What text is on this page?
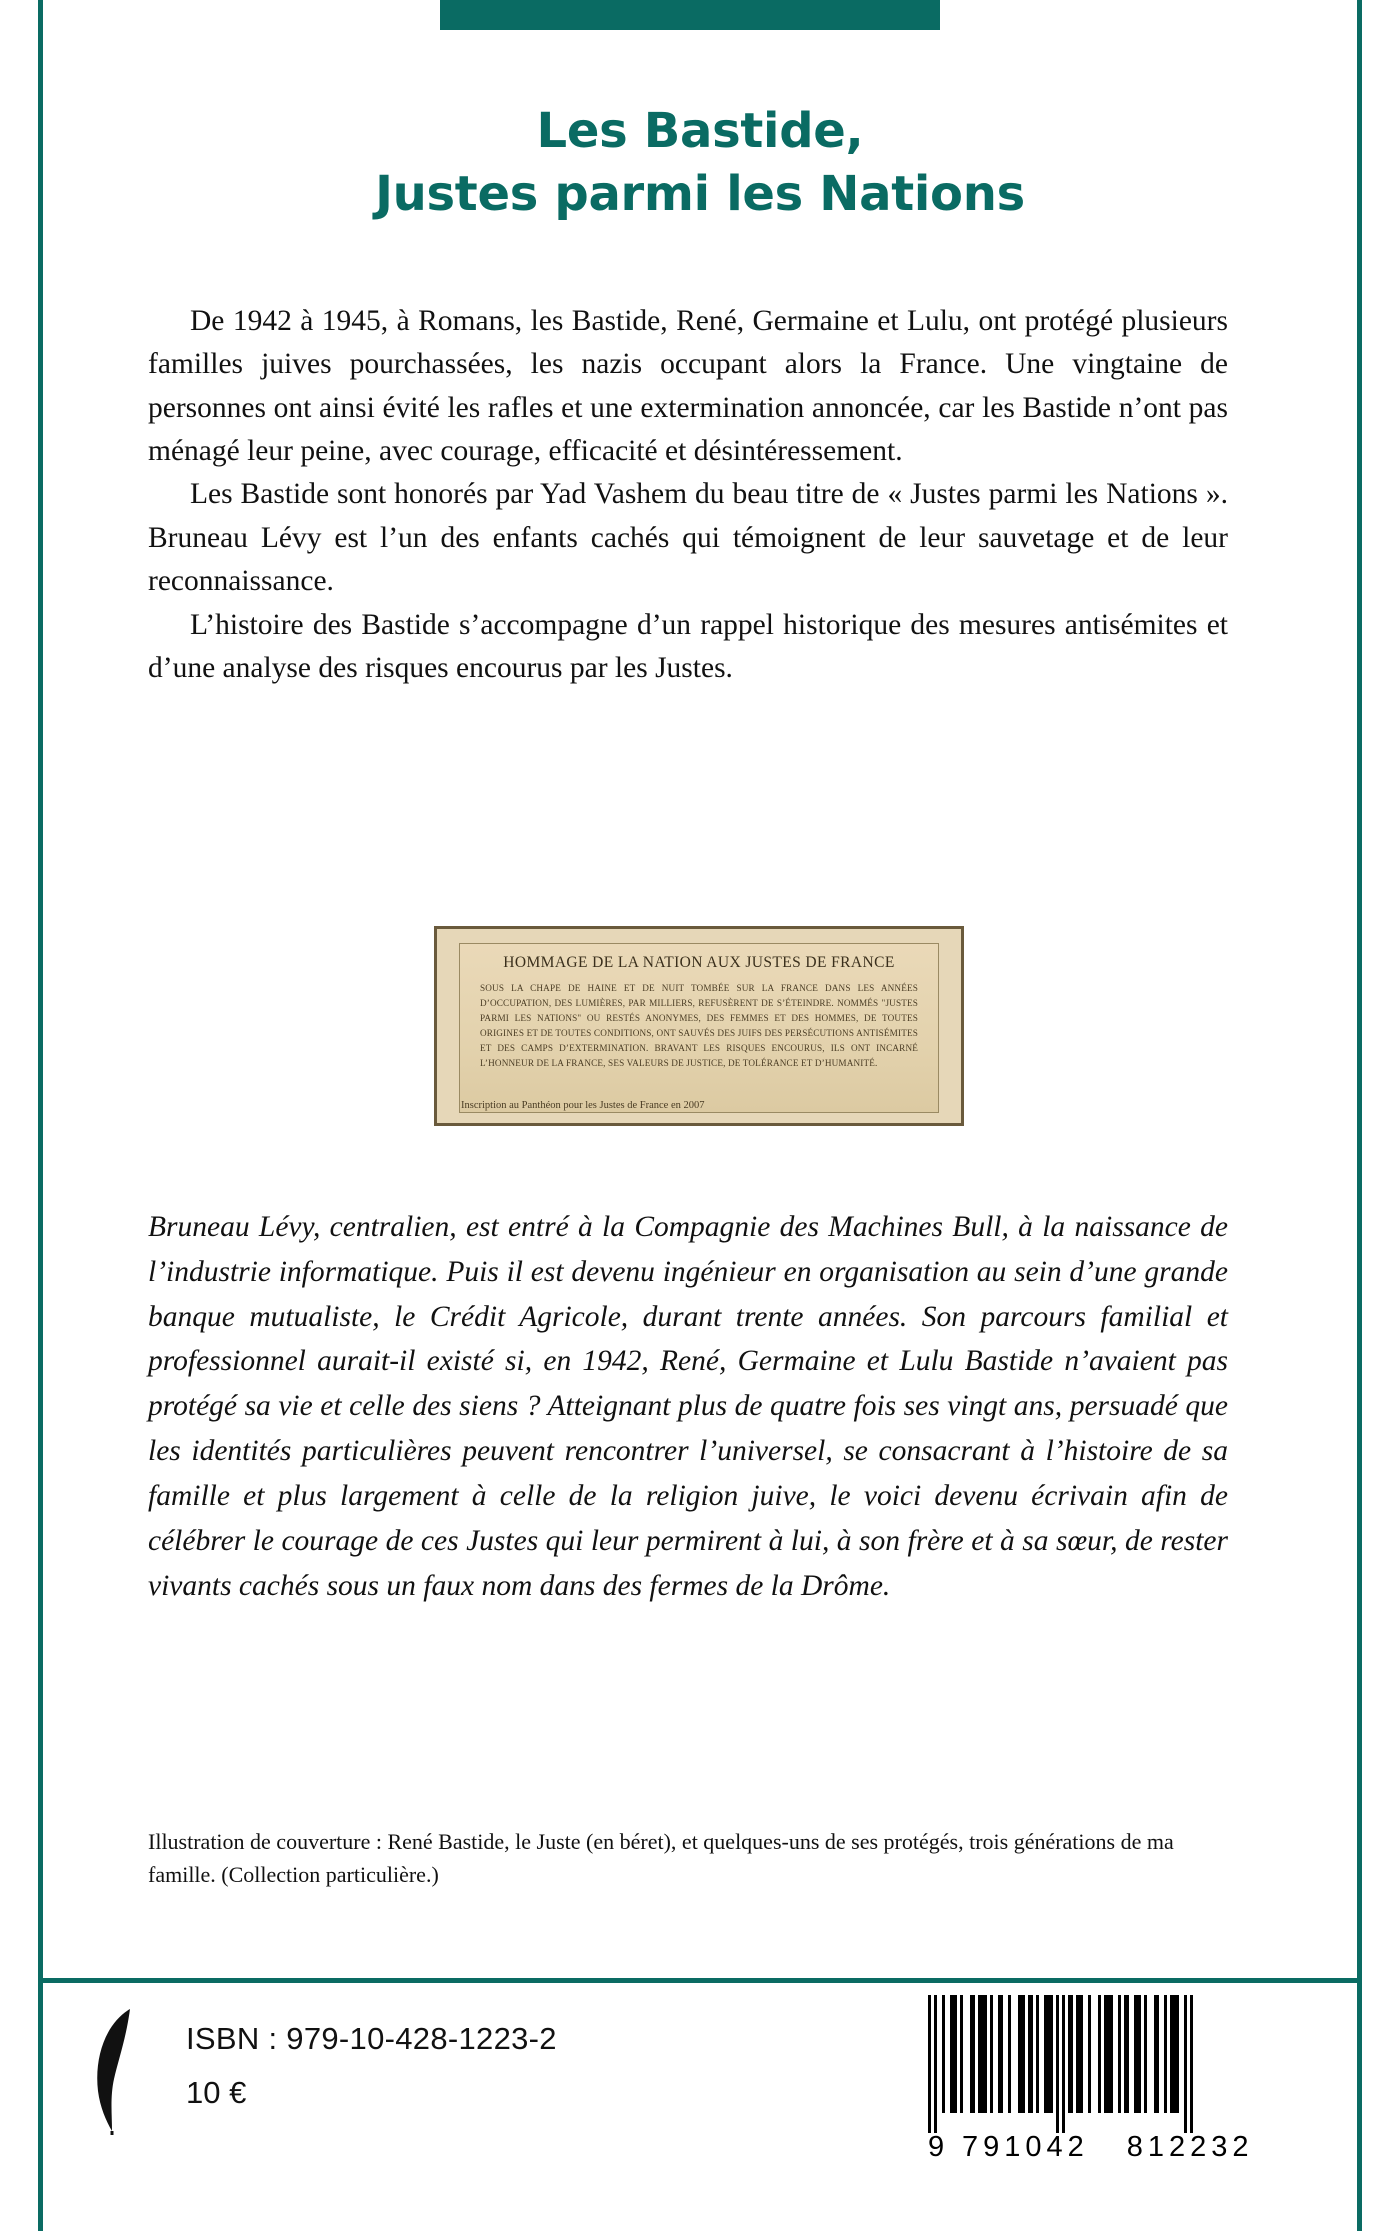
Les Bastide,
Justes parmi les Nations

De 1942 à 1945, à Romans, les Bastide, René, Germaine et Lulu, ont protégé plusieurs familles juives pourchassées, les nazis occupant alors la France. Une vingtaine de personnes ont ainsi évité les rafles et une extermination annoncée, car les Bastide n’ont pas ménagé leur peine, avec courage, efficacité et désintéressement.

Les Bastide sont honorés par Yad Vashem du beau titre de « Justes parmi les Nations ». Bruneau Lévy est l’un des enfants cachés qui témoignent de leur sauvetage et de leur reconnaissance.

L’histoire des Bastide s’accompagne d’un rappel historique des mesures antisémites et d’une analyse des risques encourus par les Justes.

HOMMAGE DE LA NATION AUX JUSTES DE FRANCE
SOUS LA CHAPE DE HAINE ET DE NUIT TOMBÉE SUR LA FRANCE DANS LES ANNÉES D’OCCUPATION, DES LUMIÈRES, PAR MILLIERS, REFUSÈRENT DE S’ÉTEINDRE. NOMMÉS "JUSTES PARMI LES NATIONS" OU RESTÉS ANONYMES, DES FEMMES ET DES HOMMES, DE TOUTES ORIGINES ET DE TOUTES CONDITIONS, ONT SAUVÉS DES JUIFS DES PERSÉCUTIONS ANTISÉMITES ET DES CAMPS D’EXTERMINATION. BRAVANT LES RISQUES ENCOURUS, ILS ONT INCARNÉ L’HONNEUR DE LA FRANCE, SES VALEURS DE JUSTICE, DE TOLÉRANCE ET D’HUMANITÉ.
Inscription au Panthéon pour les Justes de France en 2007

Bruneau Lévy, centralien, est entré à la Compagnie des Machines Bull, à la naissance de l’industrie informatique. Puis il est devenu ingénieur en organisation au sein d’une grande banque mutualiste, le Crédit Agricole, durant trente années. Son parcours familial et professionnel aurait-il existé si, en 1942, René, Germaine et Lulu Bastide n’avaient pas protégé sa vie et celle des siens ? Atteignant plus de quatre fois ses vingt ans, persuadé que les identités particulières peuvent rencontrer l’universel, se consacrant à l’histoire de sa famille et plus largement à celle de la religion juive, le voici devenu écrivain afin de célébrer le courage de ces Justes qui leur permirent à lui, à son frère et à sa sœur, de rester vivants cachés sous un faux nom dans des fermes de la Drôme.

Illustration de couverture : René Bastide, le Juste (en béret), et quelques-uns de ses protégés, trois générations de ma famille. (Collection particulière.)

ISBN : 979-10-428-1223-2
10 €
9 791042 812232
